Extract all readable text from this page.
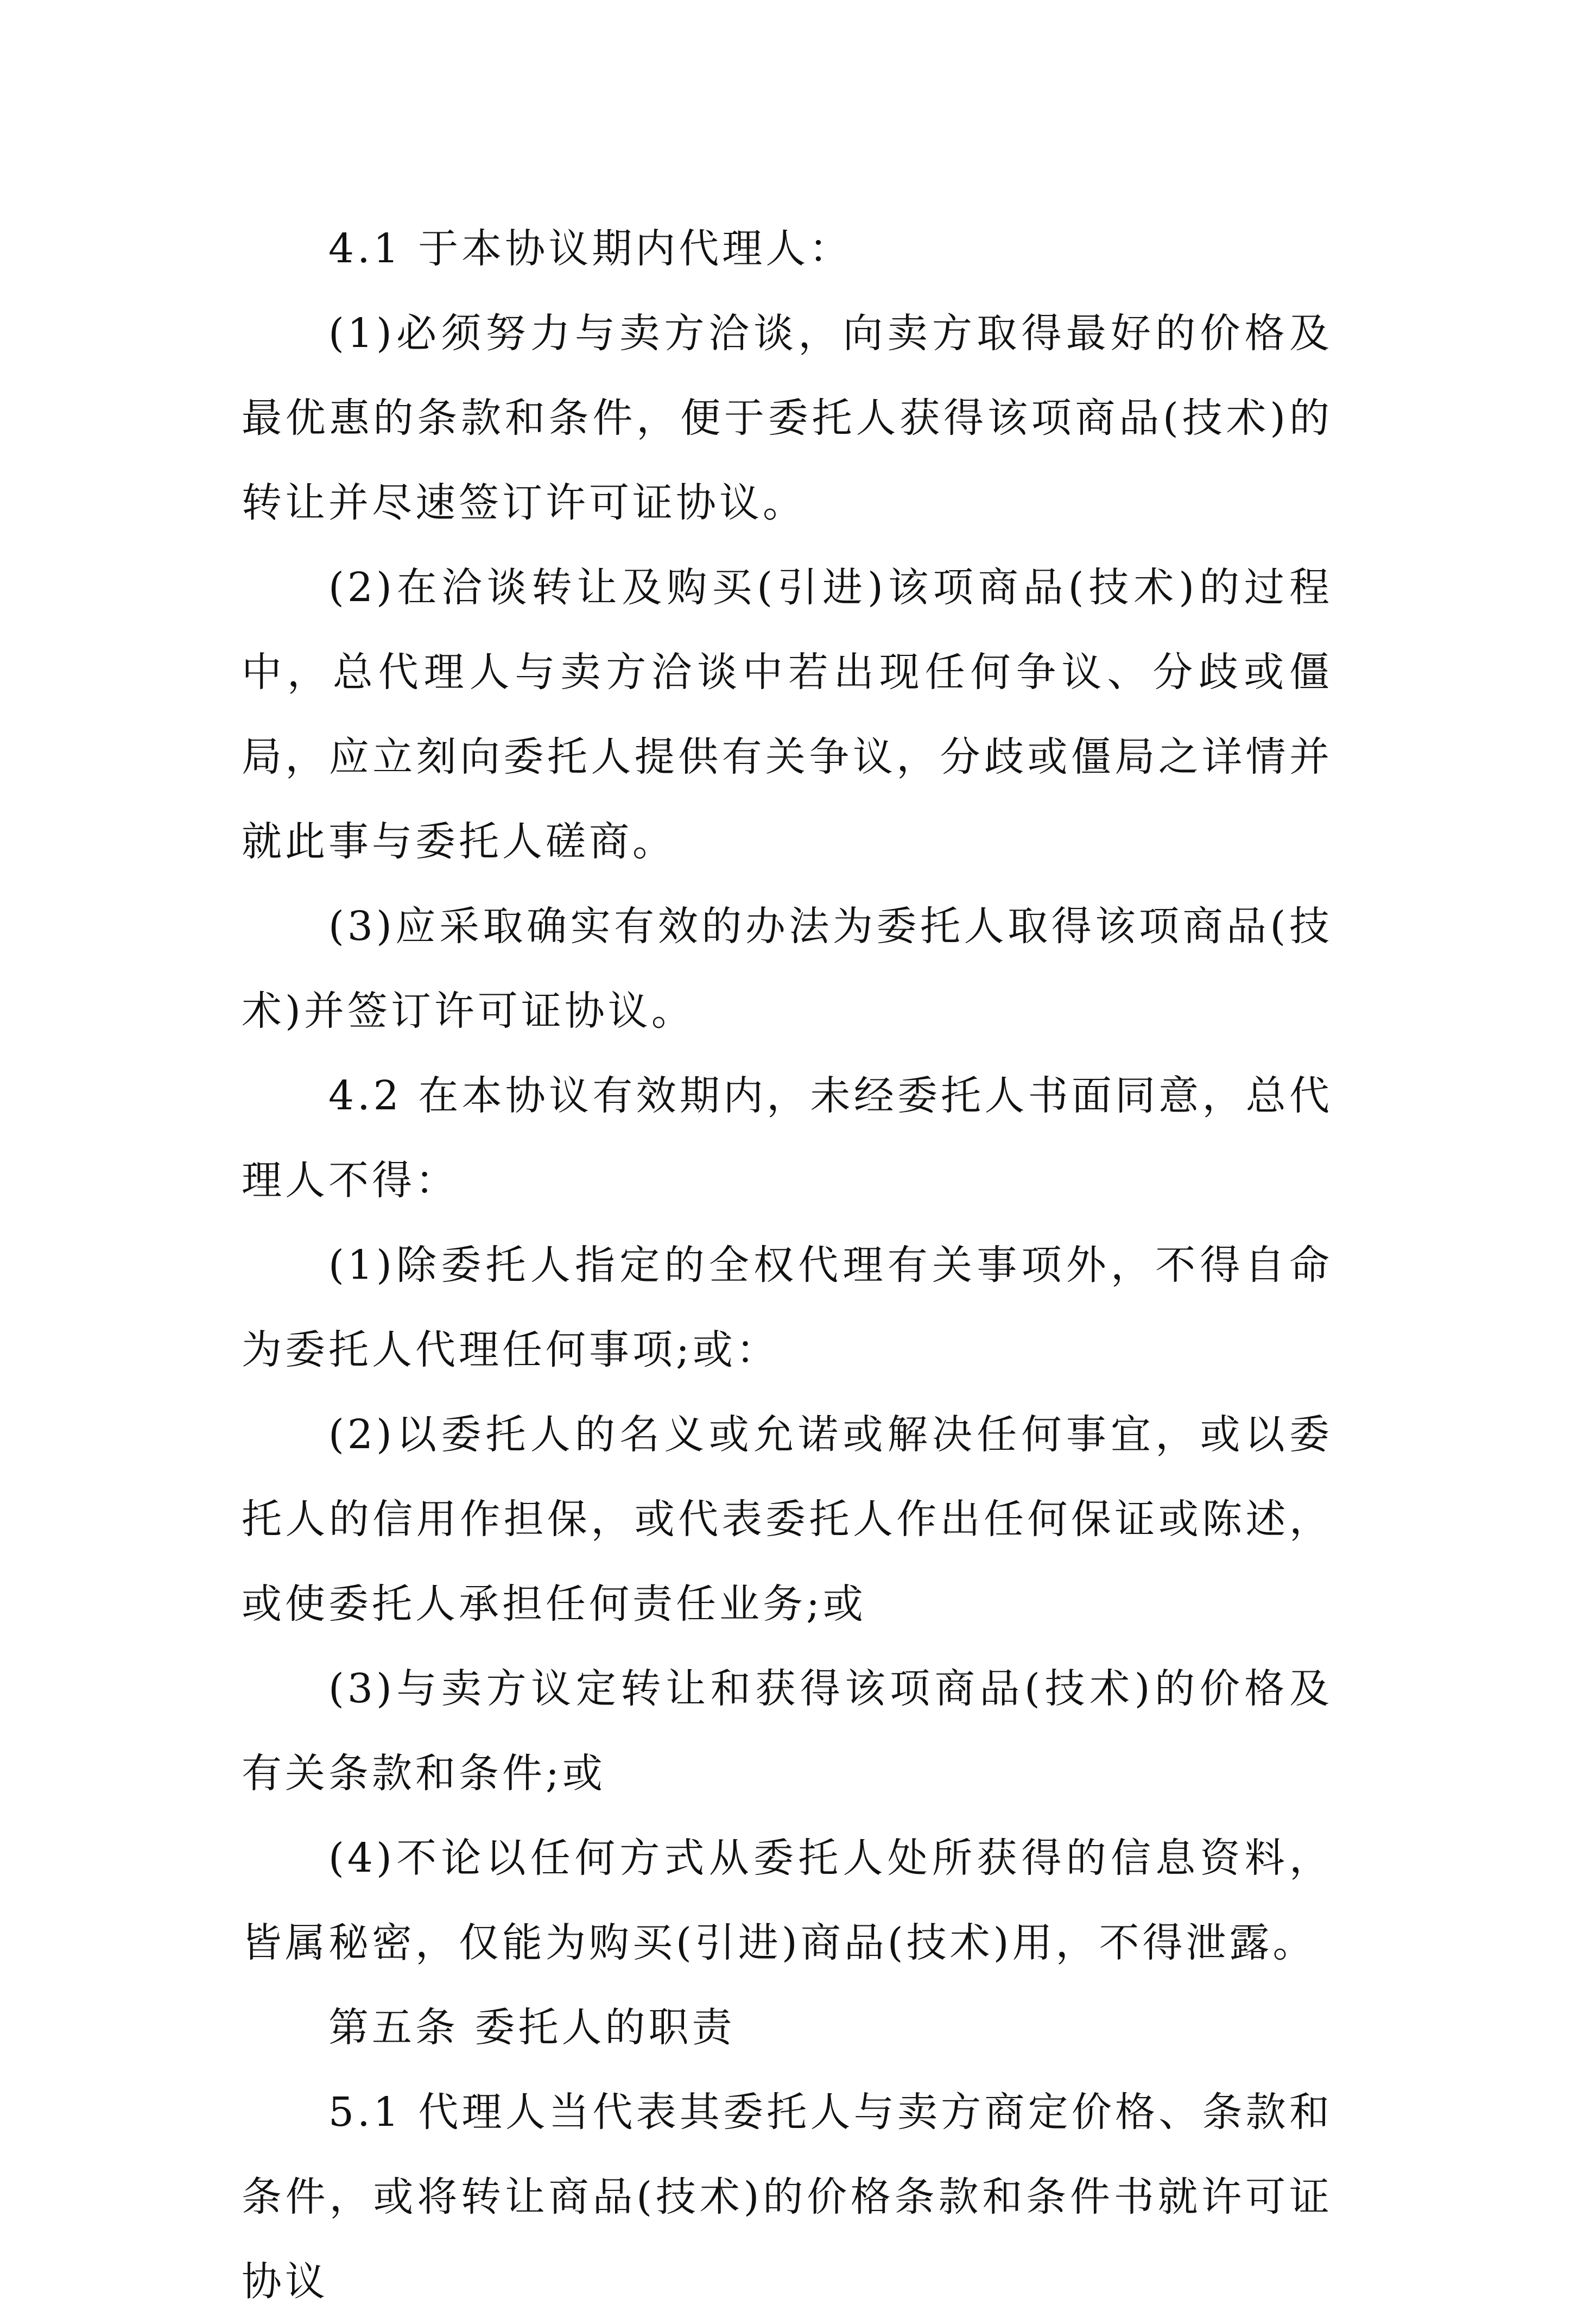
4.1 于本协议期内代理人：

(1)必须努力与卖方洽谈，向卖方取得最好的价格及最优惠的条款和条件，便于委托人获得该项商品(技术)的转让并尽速签订许可证协议。

(2)在洽谈转让及购买(引进)该项商品(技术)的过程中，总代理人与卖方洽谈中若出现任何争议、分歧或僵局，应立刻向委托人提供有关争议，分歧或僵局之详情并就此事与委托人磋商。

(3)应采取确实有效的办法为委托人取得该项商品(技术)并签订许可证协议。

4.2 在本协议有效期内，未经委托人书面同意，总代理人不得：

(1)除委托人指定的全权代理有关事项外，不得自命为委托人代理任何事项;或：

(2)以委托人的名义或允诺或解决任何事宜，或以委托人的信用作担保，或代表委托人作出任何保证或陈述，或使委托人承担任何责任业务;或

(3)与卖方议定转让和获得该项商品(技术)的价格及有关条款和条件;或

(4)不论以任何方式从委托人处所获得的信息资料，皆属秘密，仅能为购买(引进)商品(技术)用，不得泄露。

第五条 委托人的职责

5.1 代理人当代表其委托人与卖方商定价格、条款和条件，或将转让商品(技术)的价格条款和条件书就许可证协议
